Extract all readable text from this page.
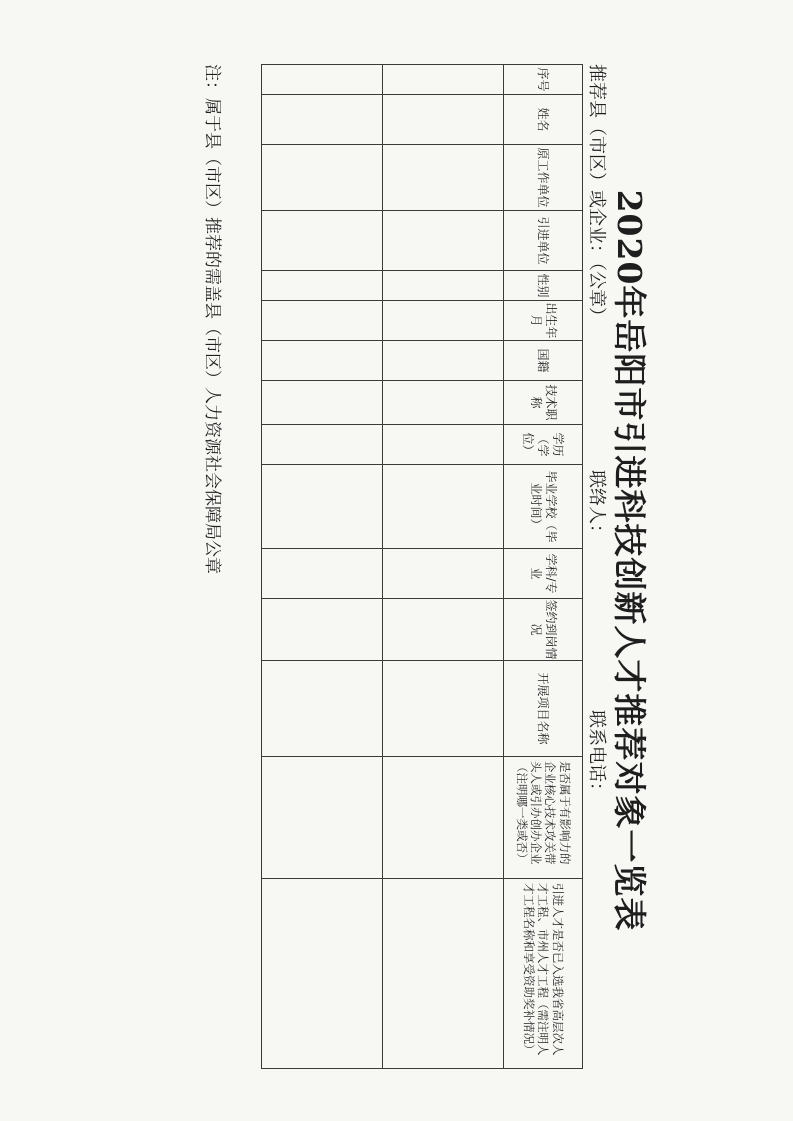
2020年岳阳市引进科技创新人才推荐对象一览表
推荐县（市区）或企业：（公章）
联络人：
联系电话：
序号	姓名	原工作单位	引进单位	性别	出生年月	国籍	技术职称	学历（学位）	毕业学校（毕业时间）	学科/专业	签约到岗情况	开展项目名称	是否属于有影响力的企业核心技术攻关带头人或引办创办企业（注明哪一类或否）	引进人才是否已入选我省高层次人才工程、市州人才工程（需注明人才工程名称和享受资助奖补情况）

注：属于县（市区）推荐的需盖县（市区）人力资源社会保障局公章
